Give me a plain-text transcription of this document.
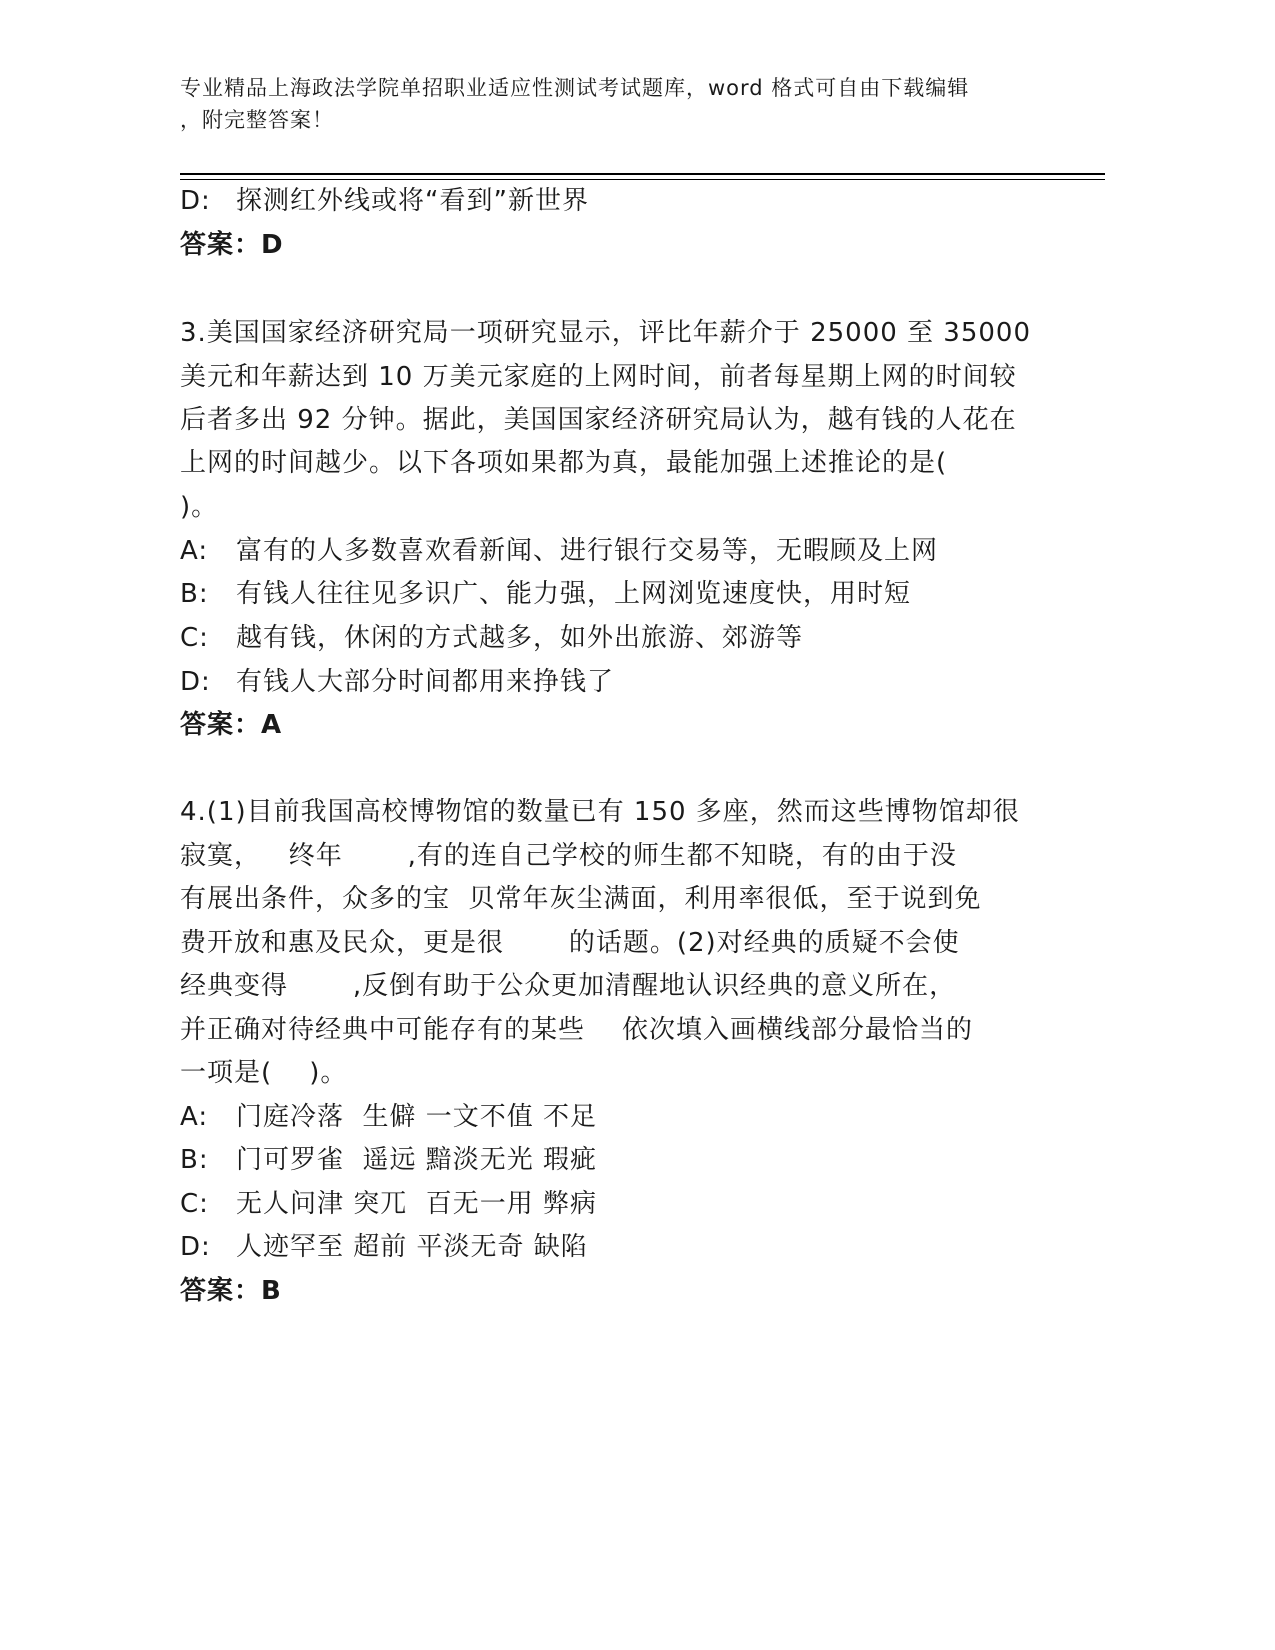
专业精品上海政法学院单招职业适应性测试考试题库，word 格式可自由下载编辑
，附完整答案！
D: 探测红外线或将“看到”新世界
答案：D
3.美国国家经济研究局一项研究显示，评比年薪介于 25000 至 35000
美元和年薪达到 10 万美元家庭的上网时间，前者每星期上网的时间较
后者多出 92 分钟。据此，美国国家经济研究局认为，越有钱的人花在
上网的时间越少。以下各项如果都为真，最能加强上述推论的是(
)。
A: 富有的人多数喜欢看新闻、进行银行交易等，无暇顾及上网
B: 有钱人往往见多识广、能力强，上网浏览速度快，用时短
C: 越有钱，休闲的方式越多，如外出旅游、郊游等
D: 有钱人大部分时间都用来挣钱了
答案：A
4.(1)目前我国高校博物馆的数量已有 150 多座，然而这些博物馆却很
寂寞，   终年       ,有的连自己学校的师生都不知晓，有的由于没
有展出条件，众多的宝  贝常年灰尘满面，利用率很低，至于说到免
费开放和惠及民众，更是很       的话题。(2)对经典的质疑不会使
经典变得       ,反倒有助于公众更加清醒地认识经典的意义所在，
并正确对待经典中可能存有的某些    依次填入画横线部分最恰当的
一项是(    )。
A: 门庭冷落  生僻 一文不值 不足
B: 门可罗雀  遥远 黯淡无光 瑕疵
C: 无人问津 突兀  百无一用 弊病
D: 人迹罕至 超前 平淡无奇 缺陷
答案：B
